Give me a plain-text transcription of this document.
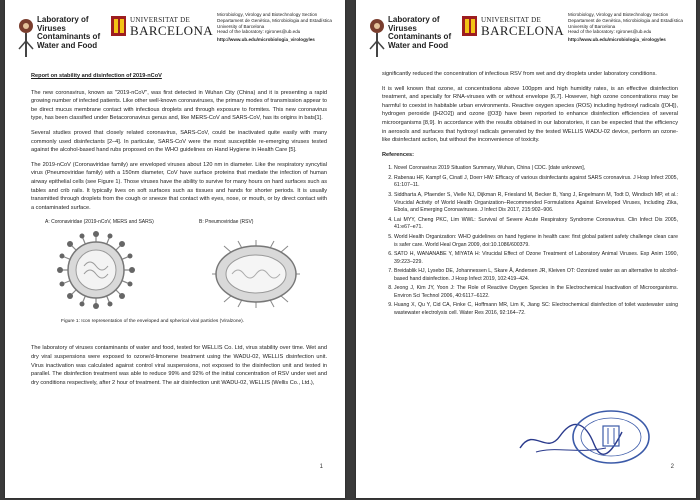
Laboratory of Viruses Contaminants of Water and Food
UNIVERSITAT DE
BARCELONA
Microbiology, Virology and Biotechnology Section
Departament de Genètica, Microbiologia and Estadística
University of Barcelona
Head of the laboratory: rgirones@ub.edu
http://www.ub.edu/microbiologia_virologyles
Report on stability and disinfection of 2019-nCoV

The new coronavirus, known as "2019-nCoV", was first detected in Wuhan City (China) and it is presenting a rapid growing number of infected patients. Like other well-known coronaviruses, the primary modes of transmission appear to be direct mucus membrane contact with infectious droplets and through exposure to formites. This new coronavirus type, has been classified under Betacoronavirus genus and, like MERS-CoV and SARS-CoV, has its origins in bats[1].

Several studies proved that closely related coronavirus, SARS-CoV, could be inactivated quite easily with many commonly used disinfectants [2–4]. In particular, SARS-CoV were the most susceptible re-emerging viruses tested against the alcohol-based hand rubs proposed on the WHO guidelines on Hand Hygiene in Health Care [5].

The 2019-nCoV (Coronaviridae family) are enveloped viruses about 120 nm in diameter. Like the respiratory syncytial virus (Pneumoviridae family) with a 150nm diameter, CoV have surface proteins that mediate the infection of human airway epithelial cells (see Figure 1). Those viruses have the ability to survive for many hours on hard surfaces such as tables and crib rails. It typically lives on soft surfaces such as tissues and hands for shorter periods. It is usually transmitted through droplets from the cough or sneeze that contact with eyes, nose, or mouth, or by direct contact with a contaminated surface.

A: Coronaviridae (2019-nCoV, MERS and SARS)	B: Pneumoviridae (RSV)
Figure 1: Icon representation of the enveloped and spherical viral particles (Viralzone).

The laboratory of viruses contaminants of water and food, tested for WELLIS Co. Ltd, virus stability over time. Wet and dry viral suspensions were exposed to ozone/d-limonene treatment using the WADU-02, WELLIS disinfection unit. Virus inactivation was calculated against control viral suspensions, not exposed to the disinfection unit and tested in parallel. The disinfection treatment was able to reduce 99% and 92% of the initial concentration of RSV under wet and dry conditions respectively, after 2 hour of treatment. The air disinfection unit WADU-02, WELLIS (Wellis Co., Ltd.),

1
Laboratory of Viruses Contaminants of Water and Food
UNIVERSITAT DE
BARCELONA
Microbiology, Virology and Biotechnology Section
Departament de Genètica, Microbiologia and Estadística
University of Barcelona
Head of the laboratory: rgirones@ub.edu
http://www.ub.edu/microbiologia_virologyles

significantly reduced the concentration of infectious RSV from wet and dry droplets under laboratory conditions.

It is well known that ozone, at concentrations above 100ppm and high humidity rates, is an effective disinfection treatment, and specially for RNA-viruses with or without envelope [6,7]. However, high ozone concentrations may be harmful to coexist in habitable urban environments. Reactive oxygen species (ROS) including hydroxyl radicals ([OH]), hydrogen peroxide ([H2O2]) and ozone ([O3]) have been reported to enhance disinfection efficiencies of several microorganisms [8,9]. In accordance with the results obtained in our laboratories, it can be expected that the efficiency in aerosols and surfaces that hydroxyl radicals generated by the tested WELLIS WADU-02 device, perform an ozone-like disinfectant action, but without the inconvenience of toxicity.

References:
1. Novel Coronavirus 2019 Situation Summary, Wuhan, China | CDC. [date unknown],
2. Rabenau HF, Kampf G, Cinatl J, Doerr HW: Efficacy of various disinfectants against SARS coronavirus. J Hosp Infect 2005, 61:107–11.
3. Siddharta A, Pfaender S, Vielle NJ, Dijkman R, Friesland M, Becker B, Yang J, Engelmann M, Todt D, Windisch MP, et al.: Virucidal Activity of World Health Organization–Recommended Formulations Against Enveloped Viruses, Including Zika, Ebola, and Emerging Coronaviruses. J Infect Dis 2017, 215:902–906.
4. Lai MYY, Cheng PKC, Lim WWL: Survival of Severe Acute Respiratory Syndrome Coronavirus. Clin Infect Dis 2005, 41:e67–e71.
5. World Health Organization: WHO guidelines on hand hygiene in health care: first global patient safety challenge clean care is safer care. World Heal Organ 2009, doi:10.1086/600379.
6. SATO H, WANANABE Y, MIYATA H: Virucidal Effect of Ozone Treatment of Laboratory Animal Viruses. Exp Anim 1990, 39:223–229.
7. Breidablik HJ, Lysebo DE, Johannessen L, Skare Å, Andersen JR, Kleiven OT: Ozonized water as an alternative to alcohol-based hand disinfection. J Hosp Infect 2019, 102:419–424.
8. Jeong J, Kim JY, Yoon J: The Role of Reactive Oxygen Species in the Electrochemical Inactivation of Microorganisms. Environ Sci Technol 2006, 40:6117–6122.
9. Huang X, Qu Y, Cid CA, Finke C, Hoffmann MR, Lim K, Jiang SC: Electrochemical disinfection of toilet wastewater using wastewater electrolysis cell. Water Res 2016, 92:164–72.
2
